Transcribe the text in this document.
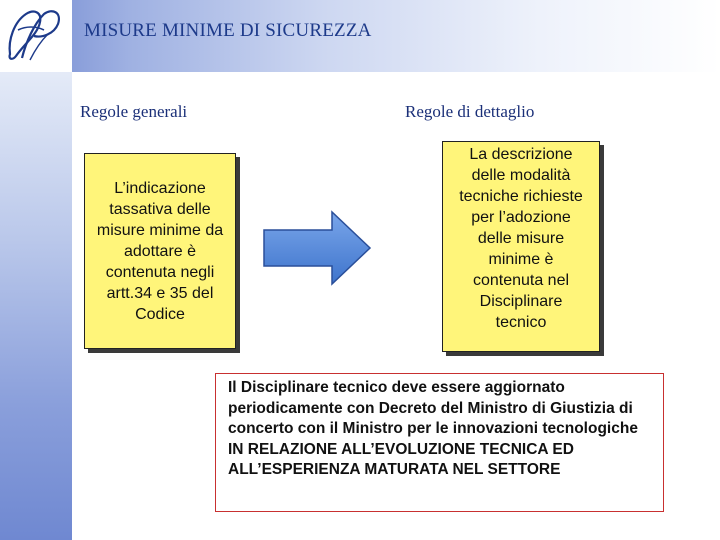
MISURE MINIME DI SICUREZZA
Regole generali	Regole di dettaglio
L’indicazione tassativa delle misure minime da adottare è contenuta negli artt.34 e 35 del Codice
La descrizione delle modalità tecniche richieste per l’adozione delle misure minime è contenuta nel Disciplinare tecnico
Il Disciplinare tecnico deve essere aggiornato periodicamente con Decreto del Ministro di Giustizia di concerto con il Ministro per le innovazioni tecnologiche IN RELAZIONE ALL’EVOLUZIONE TECNICA ED ALL’ESPERIENZA MATURATA NEL SETTORE
